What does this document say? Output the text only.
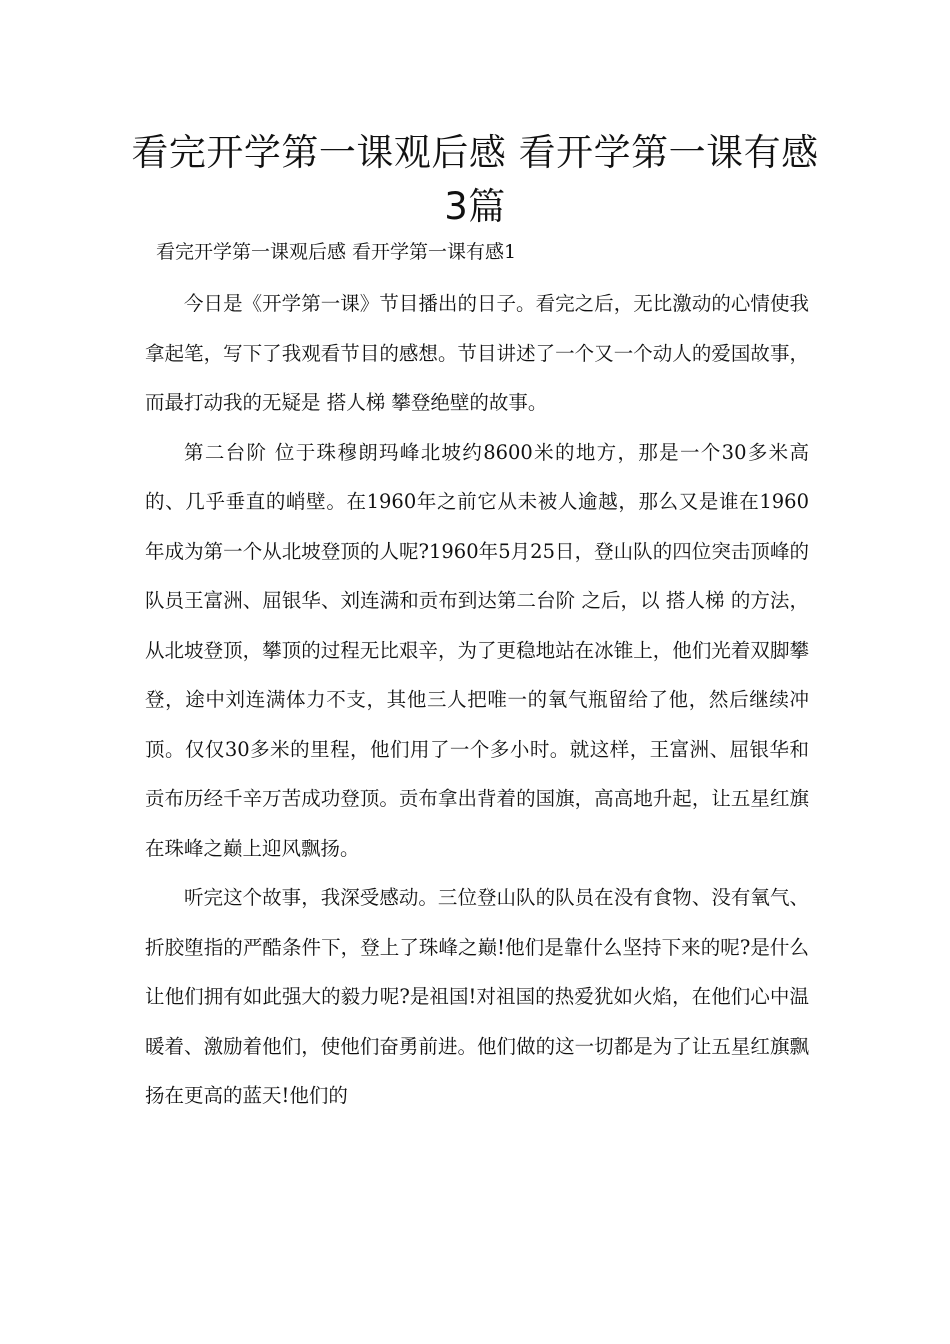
看完开学第一课观后感 看开学第一课有感3篇

看完开学第一课观后感 看开学第一课有感1

今日是《开学第一课》节目播出的日子。看完之后，无比激动的心情使我拿起笔，写下了我观看节目的感想。节目讲述了一个又一个动人的爱国故事，而最打动我的无疑是 搭人梯 攀登绝壁的故事。

第二台阶 位于珠穆朗玛峰北坡约8600米的地方，那是一个30多米高的、几乎垂直的峭壁。在1960年之前它从未被人逾越，那么又是谁在1960年成为第一个从北坡登顶的人呢?1960年5月25日，登山队的四位突击顶峰的队员王富洲、屈银华、刘连满和贡布到达第二台阶 之后，以 搭人梯 的方法，从北坡登顶，攀顶的过程无比艰辛，为了更稳地站在冰锥上，他们光着双脚攀登，途中刘连满体力不支，其他三人把唯一的氧气瓶留给了他，然后继续冲顶。仅仅30多米的里程，他们用了一个多小时。就这样，王富洲、屈银华和贡布历经千辛万苦成功登顶。贡布拿出背着的国旗，高高地升起，让五星红旗在珠峰之巅上迎风飘扬。

听完这个故事，我深受感动。三位登山队的队员在没有食物、没有氧气、折胶堕指的严酷条件下，登上了珠峰之巅!他们是靠什么坚持下来的呢?是什么让他们拥有如此强大的毅力呢?是祖国!对祖国的热爱犹如火焰，在他们心中温暖着、激励着他们，使他们奋勇前进。他们做的这一切都是为了让五星红旗飘扬在更高的蓝天!他们的
